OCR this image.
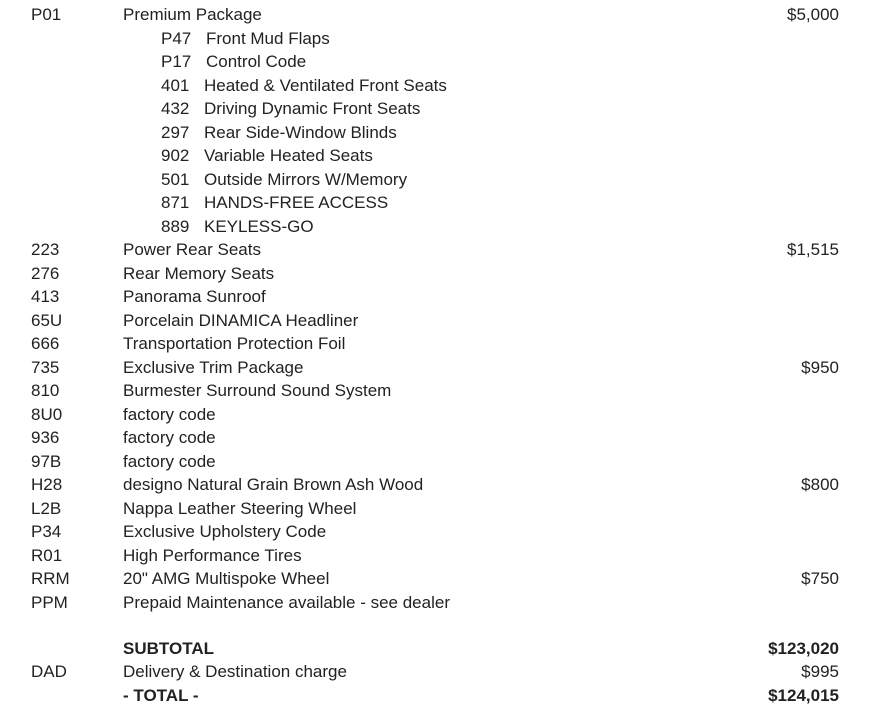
P01	Premium Package	$5,000
P47 Front Mud Flaps
P17 Control Code
401 Heated & Ventilated Front Seats
432 Driving Dynamic Front Seats
297 Rear Side-Window Blinds
902 Variable Heated Seats
501 Outside Mirrors W/Memory
871 HANDS-FREE ACCESS
889 KEYLESS-GO
223	Power Rear Seats	$1,515
276	Rear Memory Seats
413	Panorama Sunroof
65U	Porcelain DINAMICA Headliner
666	Transportation Protection Foil
735	Exclusive Trim Package	$950
810	Burmester Surround Sound System
8U0	factory code
936	factory code
97B	factory code
H28	designo Natural Grain Brown Ash Wood	$800
L2B	Nappa Leather Steering Wheel
P34	Exclusive Upholstery Code
R01	High Performance Tires
RRM	20" AMG Multispoke Wheel	$750
PPM	Prepaid Maintenance available - see dealer
SUBTOTAL	$123,020
DAD	Delivery & Destination charge	$995
- TOTAL -	$124,015
